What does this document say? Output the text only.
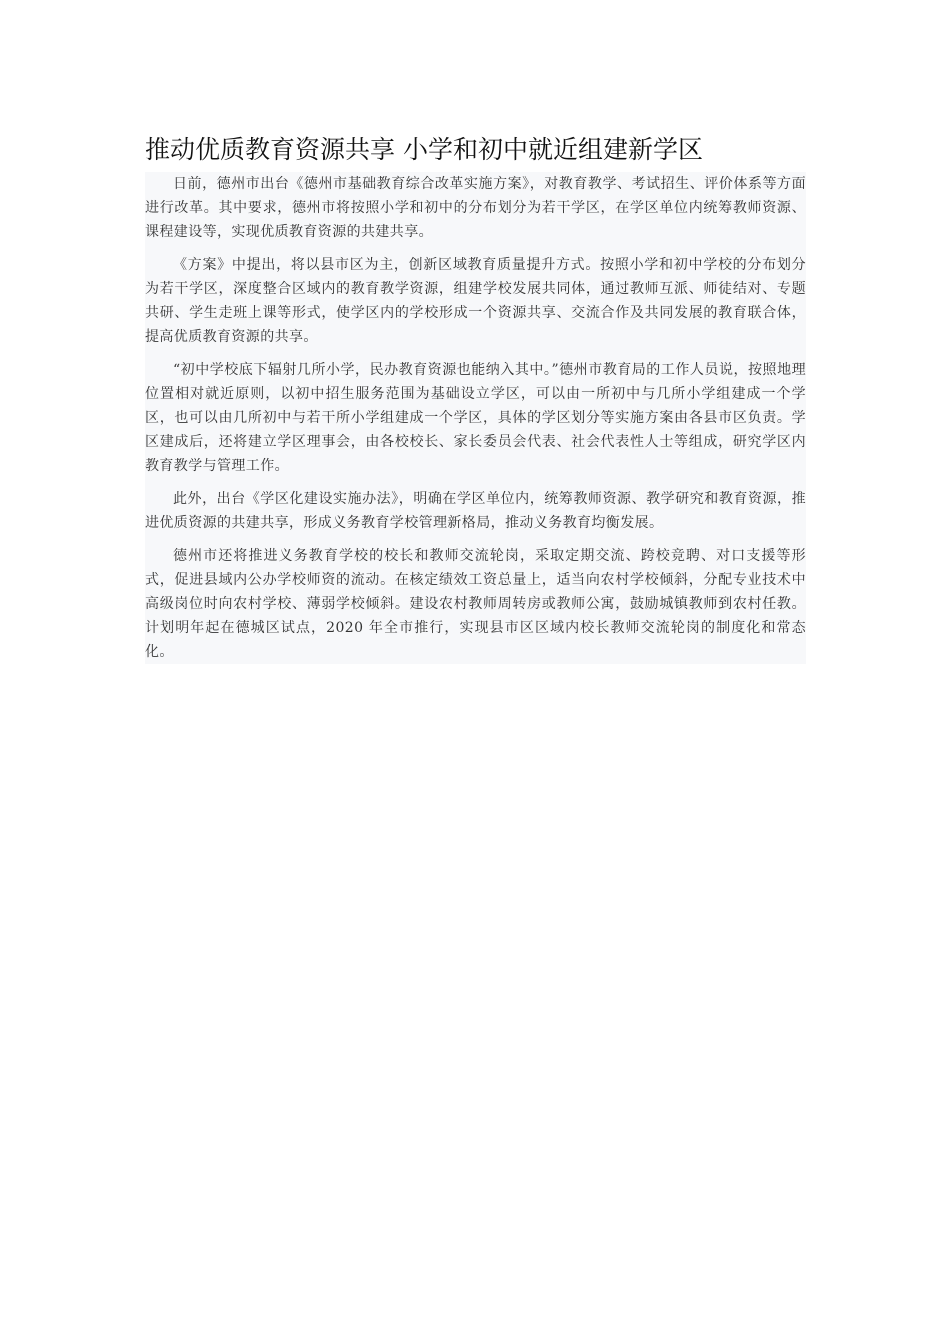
推动优质教育资源共享 小学和初中就近组建新学区

日前，德州市出台《德州市基础教育综合改革实施方案》，对教育教学、考试招生、评价体系等方面进行改革。其中要求，德州市将按照小学和初中的分布划分为若干学区，在学区单位内统筹教师资源、课程建设等，实现优质教育资源的共建共享。

《方案》中提出，将以县市区为主，创新区域教育质量提升方式。按照小学和初中学校的分布划分为若干学区，深度整合区域内的教育教学资源，组建学校发展共同体，通过教师互派、师徒结对、专题共研、学生走班上课等形式，使学区内的学校形成一个资源共享、交流合作及共同发展的教育联合体，提高优质教育资源的共享。

“初中学校底下辐射几所小学，民办教育资源也能纳入其中。”德州市教育局的工作人员说，按照地理位置相对就近原则，以初中招生服务范围为基础设立学区，可以由一所初中与几所小学组建成一个学区，也可以由几所初中与若干所小学组建成一个学区，具体的学区划分等实施方案由各县市区负责。学区建成后，还将建立学区理事会，由各校校长、家长委员会代表、社会代表性人士等组成，研究学区内教育教学与管理工作。

此外，出台《学区化建设实施办法》，明确在学区单位内，统筹教师资源、教学研究和教育资源，推进优质资源的共建共享，形成义务教育学校管理新格局，推动义务教育均衡发展。

德州市还将推进义务教育学校的校长和教师交流轮岗，采取定期交流、跨校竞聘、对口支援等形式，促进县域内公办学校师资的流动。在核定绩效工资总量上，适当向农村学校倾斜，分配专业技术中高级岗位时向农村学校、薄弱学校倾斜。建设农村教师周转房或教师公寓，鼓励城镇教师到农村任教。计划明年起在德城区试点，2020 年全市推行，实现县市区区域内校长教师交流轮岗的制度化和常态化。
